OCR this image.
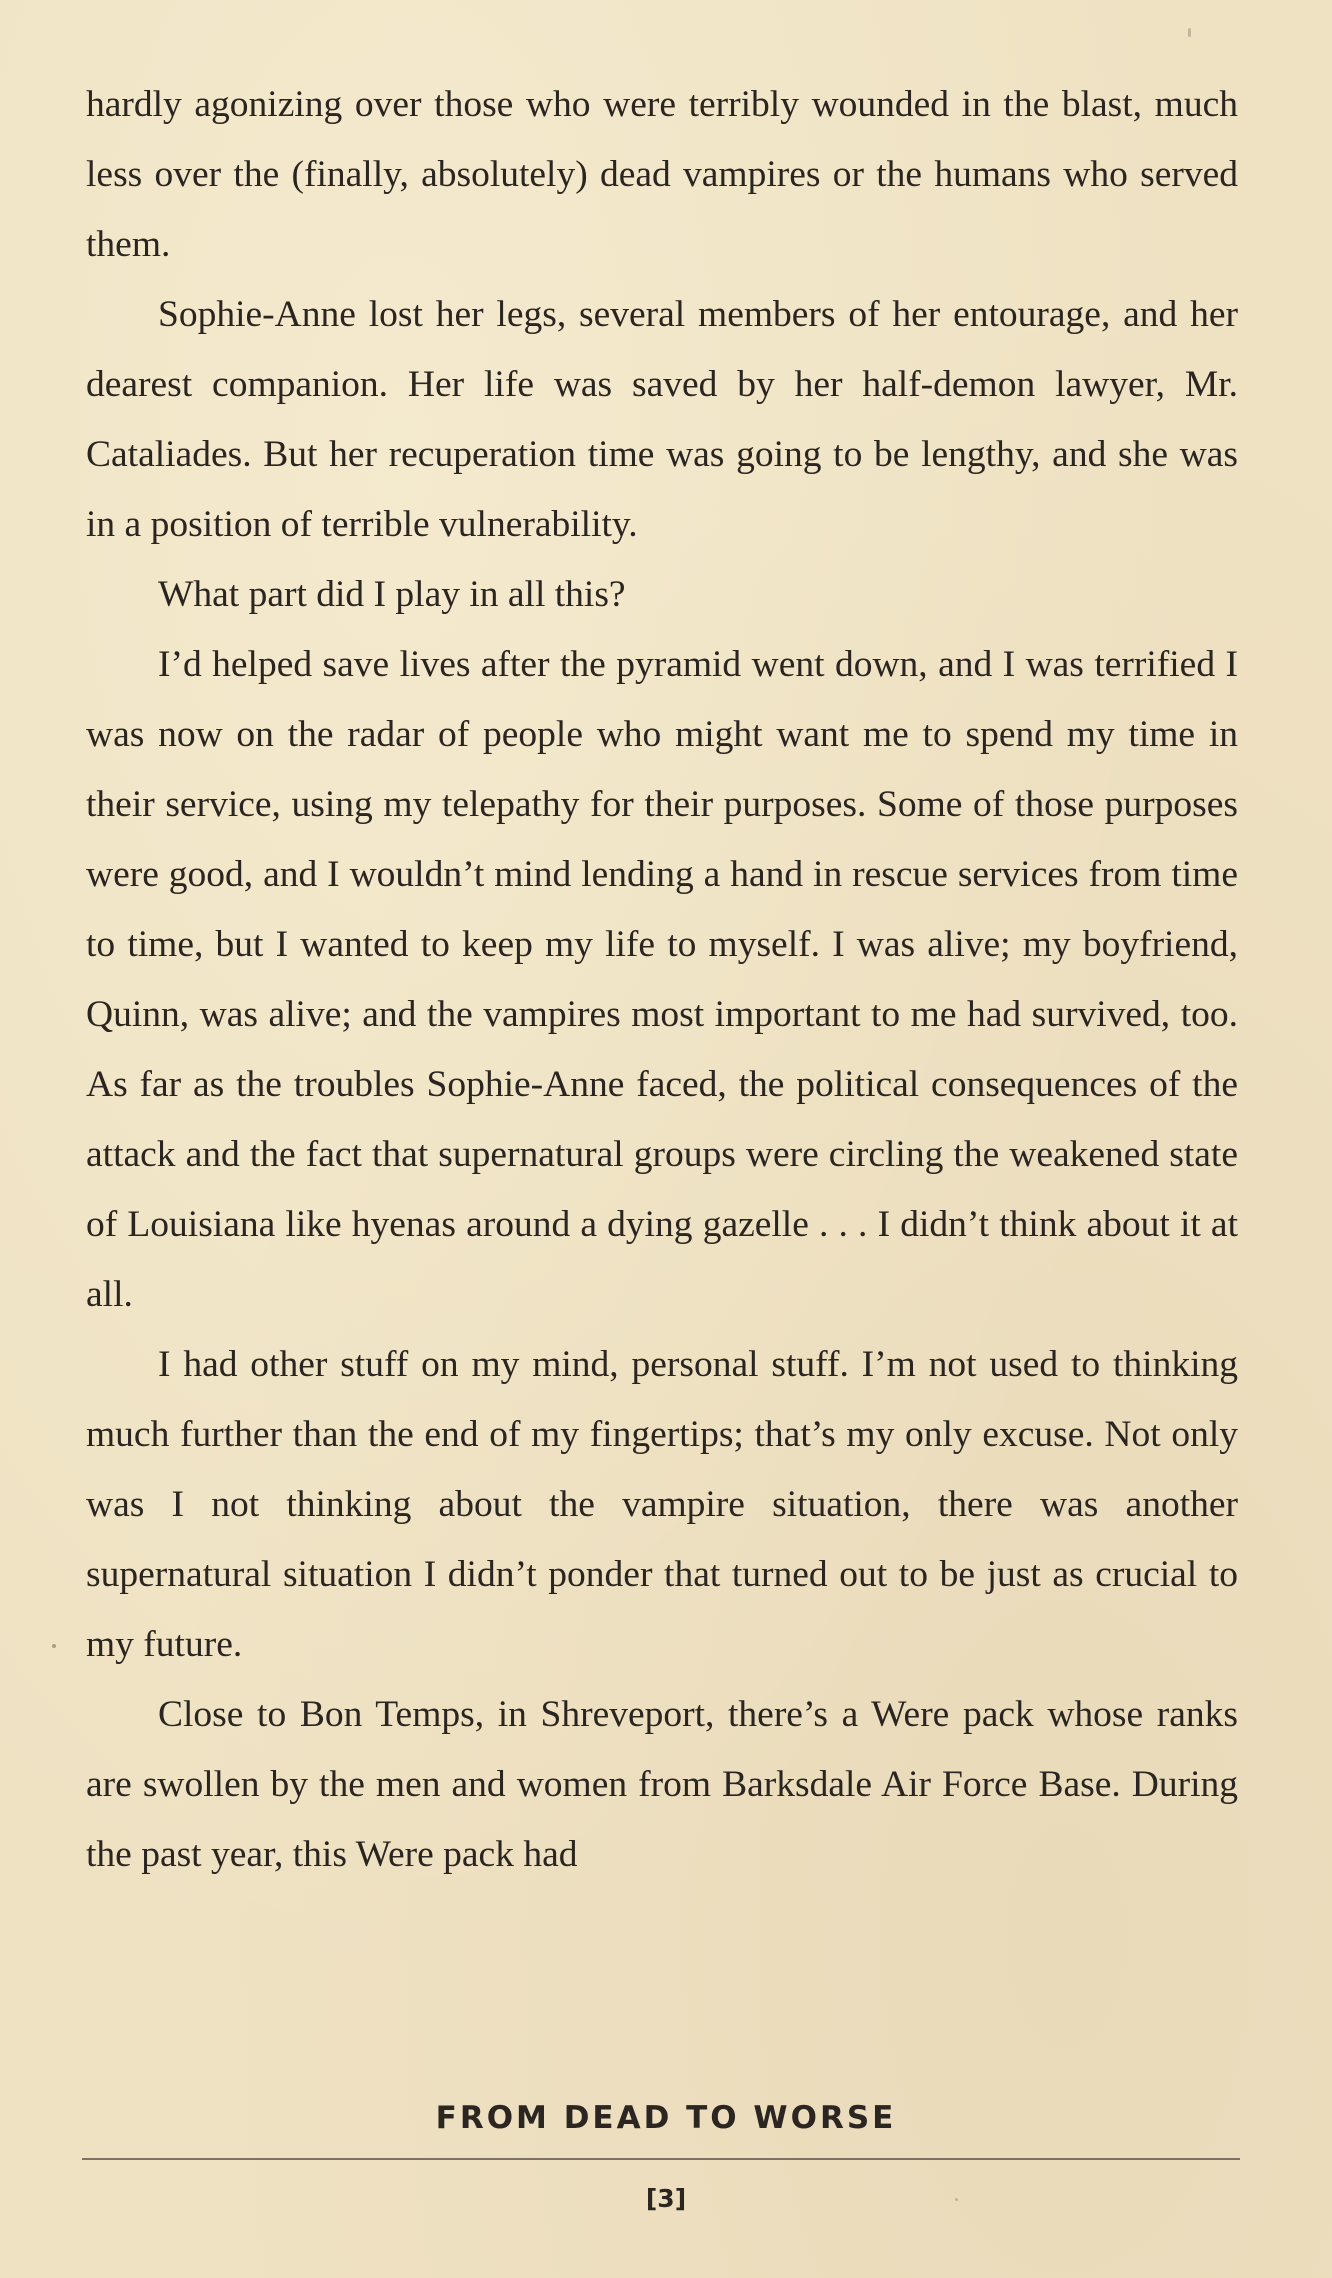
hardly agonizing over those who were terribly wounded in the blast, much less over the (finally, absolutely) dead vampires or the humans who served them.

Sophie-Anne lost her legs, several members of her entourage, and her dearest companion. Her life was saved by her half-demon lawyer, Mr. Cataliades. But her recuperation time was going to be lengthy, and she was in a position of terrible vulnerability.

What part did I play in all this?

I’d helped save lives after the pyramid went down, and I was terrified I was now on the radar of people who might want me to spend my time in their service, using my telepathy for their purposes. Some of those purposes were good, and I wouldn’t mind lending a hand in rescue services from time to time, but I wanted to keep my life to myself. I was alive; my boyfriend, Quinn, was alive; and the vampires most important to me had survived, too. As far as the troubles Sophie-Anne faced, the political consequences of the attack and the fact that supernatural groups were circling the weakened state of Louisiana like hyenas around a dying gazelle . . . I didn’t think about it at all.

I had other stuff on my mind, personal stuff. I’m not used to thinking much further than the end of my fingertips; that’s my only excuse. Not only was I not thinking about the vampire situation, there was another supernatural situation I didn’t ponder that turned out to be just as crucial to my future.

Close to Bon Temps, in Shreveport, there’s a Were pack whose ranks are swollen by the men and women from Barksdale Air Force Base. During the past year, this Were pack had

FROM DEAD TO WORSE
[3]
